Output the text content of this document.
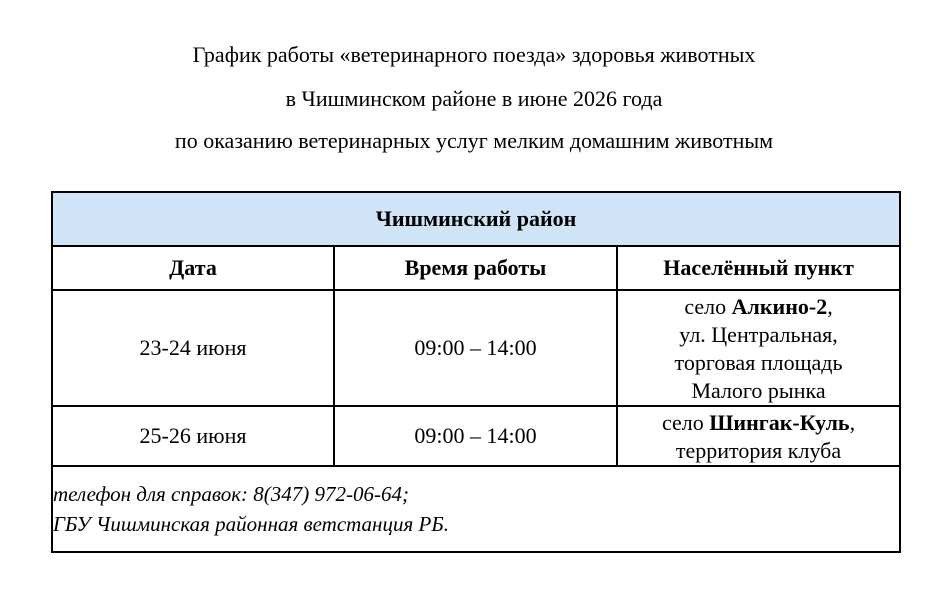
График работы «ветеринарного поезда» здоровья животных
в Чишминском районе в июне 2026 года
по оказанию ветеринарных услуг мелким домашним животным
Чишминский район		
Дата	Время работы	Населённый пункт
23-24 июня	09:00 – 14:00	село Алкино-2,
ул. Центральная,
торговая площадь
Малого рынка

25-26 июня	09:00 – 14:00	село Шингак-Куль,
территория клуба

телефон для справок: 8(347) 972-06-64;
ГБУ Чишминская районная ветстанция РБ.		
